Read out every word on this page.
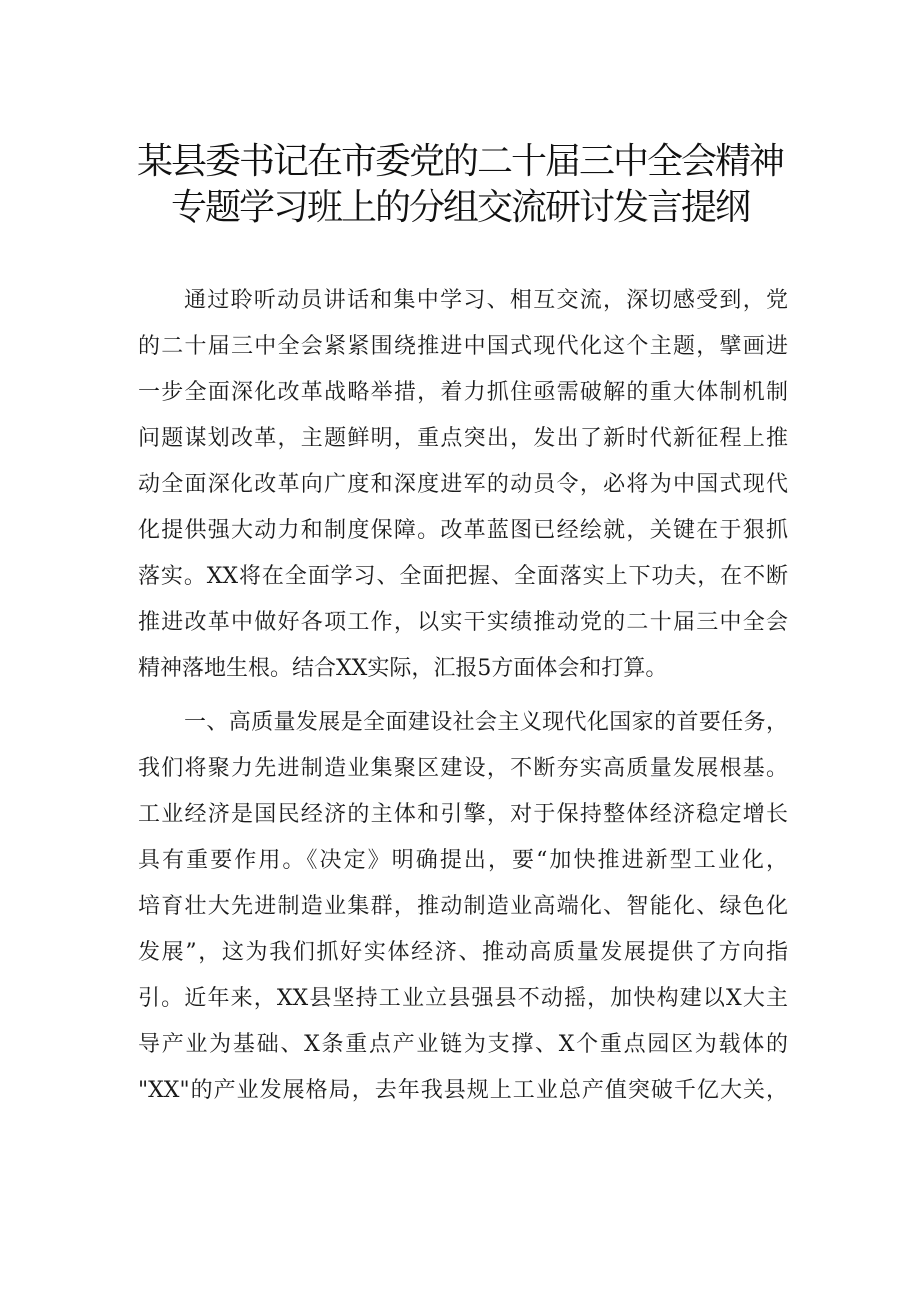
某县委书记在市委党的二十届三中全会精神
专题学习班上的分组交流研讨发言提纲
通过聆听动员讲话和集中学习、相互交流，深切感受到，党
的二十届三中全会紧紧围绕推进中国式现代化这个主题，擘画进
一步全面深化改革战略举措，着力抓住亟需破解的重大体制机制
问题谋划改革，主题鲜明，重点突出，发出了新时代新征程上推
动全面深化改革向广度和深度进军的动员令，必将为中国式现代
化提供强大动力和制度保障。改革蓝图已经绘就，关键在于狠抓
落实。XX将在全面学习、全面把握、全面落实上下功夫，在不断
推进改革中做好各项工作，以实干实绩推动党的二十届三中全会
精神落地生根。结合XX实际，汇报5方面体会和打算。
一、高质量发展是全面建设社会主义现代化国家的首要任务，
我们将聚力先进制造业集聚区建设，不断夯实高质量发展根基。
工业经济是国民经济的主体和引擎，对于保持整体经济稳定增长
具有重要作用。《决定》明确提出，要“加快推进新型工业化，
培育壮大先进制造业集群，推动制造业高端化、智能化、绿色化
发展”，这为我们抓好实体经济、推动高质量发展提供了方向指
引。近年来，XX县坚持工业立县强县不动摇，加快构建以X大主
导产业为基础、X条重点产业链为支撑、X个重点园区为载体的
"XX"的产业发展格局，去年我县规上工业总产值突破千亿大关，
